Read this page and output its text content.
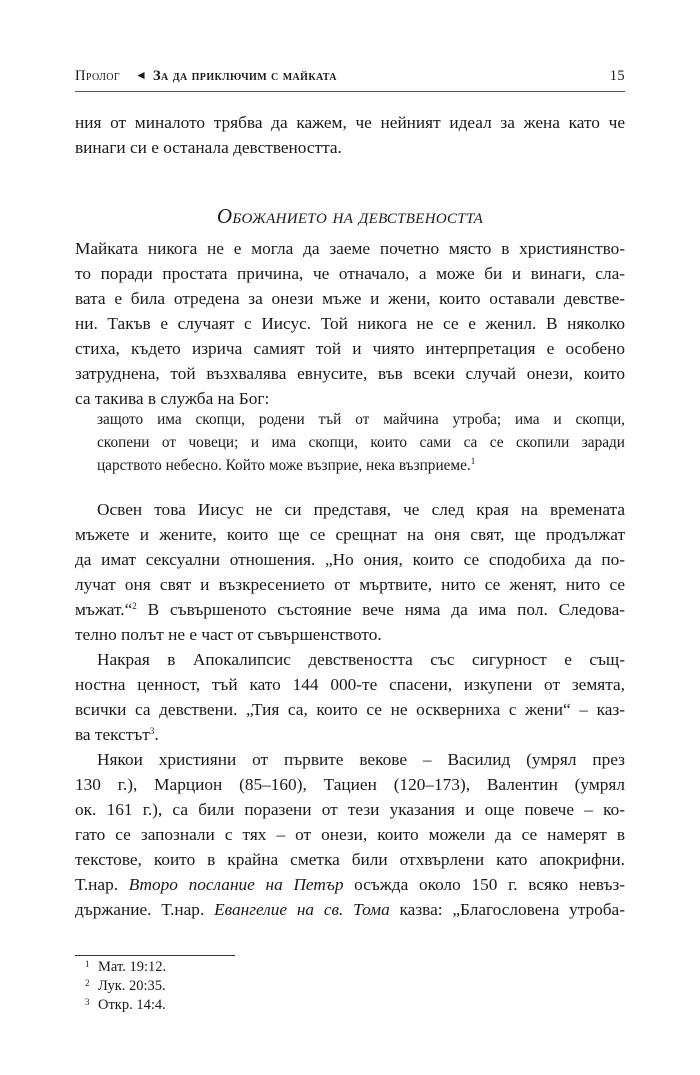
Пролог ◄ За да приключим с майката	15
ния от миналото трябва да кажем, че нейният идеал за жена като че
винаги си е останала девствеността.
Обожанието на девствеността
Майката никога не е могла да заеме почетно място в християнство-
то поради простата причина, че отначало, а може би и винаги, сла-
вата е била отредена за онези мъже и жени, които оставали девстве-
ни. Такъв е случаят с Иисус. Той никога не се е женил. В няколко
стиха, където изрича самият той и чиято интерпретация е особено
затруднена, той възхвалява евнусите, във всеки случай онези, които
са такива в служба на Бог:
защото има скопци, родени тъй от майчина утроба; има и скопци,
скопени от човеци; и има скопци, които сами са се скопили заради
царството небесно. Който може възприе, нека възприеме.$^1$
Освен това Иисус не си представя, че след края на времената
мъжете и жените, които ще се срещнат на оня свят, ще продължат
да имат сексуални отношения. „Но ония, които се сподобиха да по-
лучат оня свят и възкресението от мъртвите, нито се женят, нито се
мъжат.“$^2$ В съвършеното състояние вече няма да има пол. Следова-
телно полът не е част от съвършенството.
Накрая в Апокалипсис девствеността със сигурност е същ-
ностна ценност, тъй като 144 000-те спасени, изкупени от земята,
всички са девствени. „Тия са, които се не оскверниха с жени“ – каз-
ва текстът$^3$.
Някои християни от първите векове – Василид (умрял през
130 г.), Марцион (85–160), Тациен (120–173), Валентин (умрял
ок. 161 г.), са били поразени от тези указания и още повече – ко-
гато се запознали с тях – от онези, които можели да се намерят в
текстове, които в крайна сметка били отхвърлени като апокрифни.
Т.нар. Второ послание на Петър осъжда около 150 г. всяко невъз-
държание. Т.нар. Евангелие на св. Тома казва: „Благословена утроба-
1 Мат. 19:12.
2 Лук. 20:35.
3 Откр. 14:4.
